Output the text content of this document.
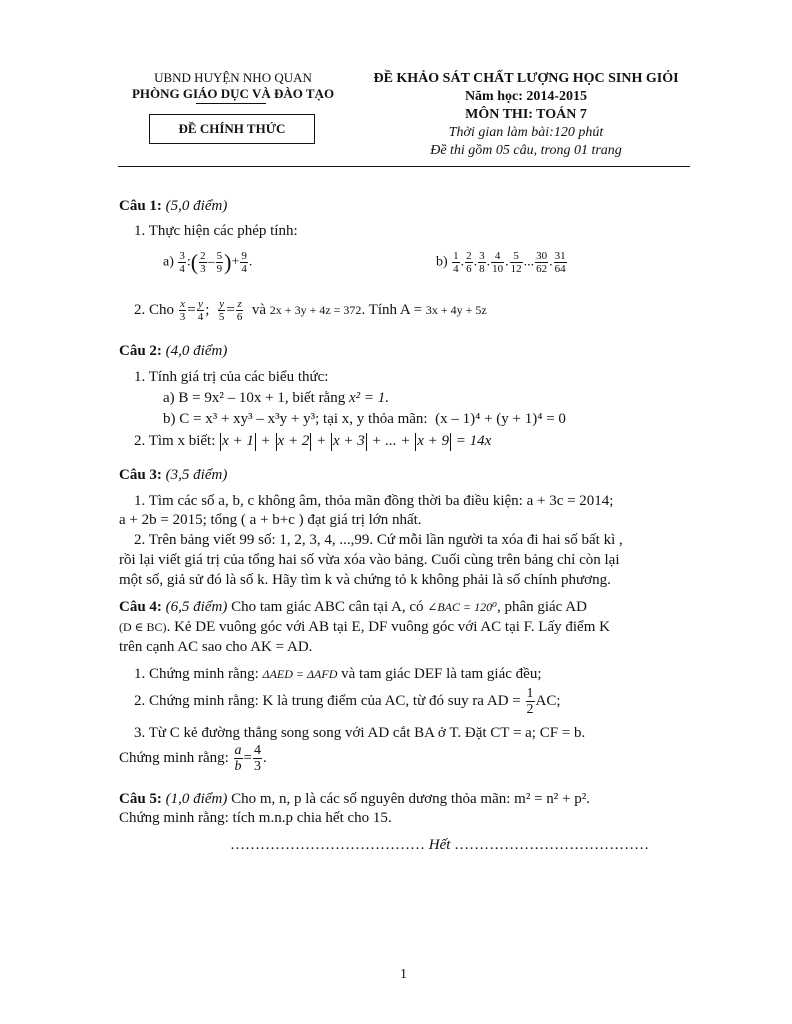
UBND HUYỆN NHO QUAN
PHÒNG GIÁO DỤC VÀ ĐÀO TẠO
ĐỀ CHÍNH THỨC
ĐỀ KHẢO SÁT CHẤT LƯỢNG HỌC SINH GIỎI
Năm học: 2014-2015
MÔN THI: TOÁN 7
Thời gian làm bài:120 phút
Đề thi gồm 05 câu, trong 01 trang
Câu 1: (5,0 điểm)
1. Thực hiện các phép tính:
$a) \frac{3}{4}$ :( $\frac{2}{3} - \frac{5}{9}$ )+ $\frac{9}{4}$ .	$b) \frac{1}{4}$ . $\frac{2}{6}$ . $\frac{3}{8}$ . $\frac{4}{10}$ . $\frac{5}{12}$ ... $\frac{30}{62}$ . $\frac{31}{64}$
2. Cho $\frac{x}{3} = \frac{y}{4}$ ; $\frac{y}{5} = \frac{z}{6}$ và 2x + 3y + 4z = 372. Tính A = 3x + 4y + 5z
Câu 2: (4,0 điểm)
1. Tính giá trị của các biểu thức:
a) B = 9x² – 10x + 1, biết rằng x² = 1.
b) C = x³ + xy³ – x³y + y³; tại x, y thỏa mãn: (x – 1)⁴ + (y + 1)⁴ = 0
2. Tìm x biết: x + 1 + x + 2 + x + 3 + ... + x + 9 = 14x
Câu 3: (3,5 điểm)
1. Tìm các số a, b, c không âm, thỏa mãn đồng thời ba điều kiện: a + 3c = 2014;
a + 2b = 2015; tổng ( a + b+c ) đạt giá trị lớn nhất.
2. Trên bảng viết 99 số: 1, 2, 3, 4, ...,99. Cứ mỗi lần người ta xóa đi hai số bất kì ,
rồi lại viết giá trị của tổng hai số vừa xóa vào bảng. Cuối cùng trên bảng chỉ còn lại
một số, giả sử đó là số k. Hãy tìm k và chứng tỏ k không phải là số chính phương.
Câu 4: (6,5 điểm) Cho tam giác ABC cân tại A, có ∠BAC = 120⁰, phân giác AD
(D ∈ BC). Kẻ DE vuông góc với AB tại E, DF vuông góc với AC tại F. Lấy điểm K
trên cạnh AC sao cho AK = AD.
1. Chứng minh rằng: ΔAED = ΔAFD và tam giác DEF là tam giác đều;
2. Chứng minh rằng: K là trung điểm của AC, từ đó suy ra AD = $\frac{1}{2}$ AC;
3. Từ C kẻ đường thẳng song song với AD cắt BA ở T. Đặt CT = a; CF = b.
Chứng minh rằng: $\frac{a}{b} = \frac{4}{3}$ .
Câu 5: (1,0 điểm) Cho m, n, p là các số nguyên dương thỏa mãn: m² = n² + p².
Chứng minh rằng: tích m.n.p chia hết cho 15.
………………………………… Hết …………………………………
1
